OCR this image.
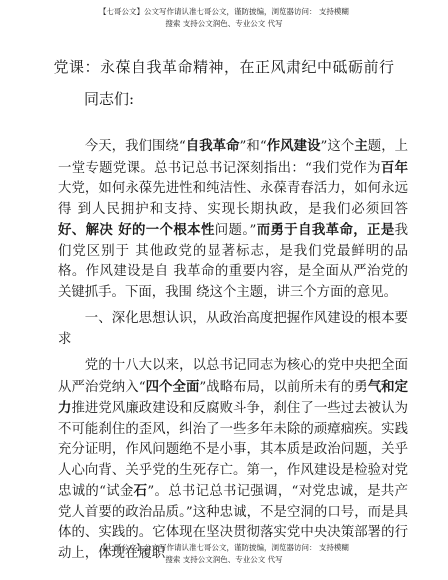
【七哥公文】公文写作请认准七哥公文，谨防披编，浏览器访问： 支持模糊
搜索 支持公文润色、专业公文 代写
党课：永葆自我革命精神，在正风肃纪中砥砺前行
同志们:

今天，我们围绕“自我革命”和“作风建设”这个主题，上一堂专题党课。总书记总书记深刻指出：“我们党作为百年大党，如何永葆先进性和纯洁性、永葆青春活力，如何永远得 到人民拥护和支持、实现长期执政，是我们必须回答好、解决 好的一个根本性问题。”而勇于自我革命，正是我们党区别于 其他政党的显著标志，是我们党最鲜明的品格。作风建设是自 我革命的重要内容，是全面从严治党的关键抓手。下面，我围 绕这个主题，讲三个方面的意见。

一、深化思想认识，从政治高度把握作风建设的根本要求

党的十八大以来，以总书记同志为核心的党中央把全面从严治党纳入“四个全面”战略布局，以前所未有的勇气和定力推进党风廉政建设和反腐败斗争，刹住了一些过去被认为不可能刹住的歪风，纠治了一些多年未除的顽瘴痼疾。实践充分证明，作风问题绝不是小事，其本质是政治问题，关乎人心向背、关乎党的生死存亡。第一，作风建设是检验对党忠诚的“试金石”。总书记总书记强调，“对党忠诚，是共产党人首要的政治品质。”这种忠诚，不是空洞的口号，而是具体的、实践的。它体现在坚决贯彻落实党中央决策部署的行动上，体现在履职

【七哥公文】公文写作请认准七哥公文，谨防披编，浏览器访问： 支持模糊
搜索 支持公文润色、专业公文 代写
